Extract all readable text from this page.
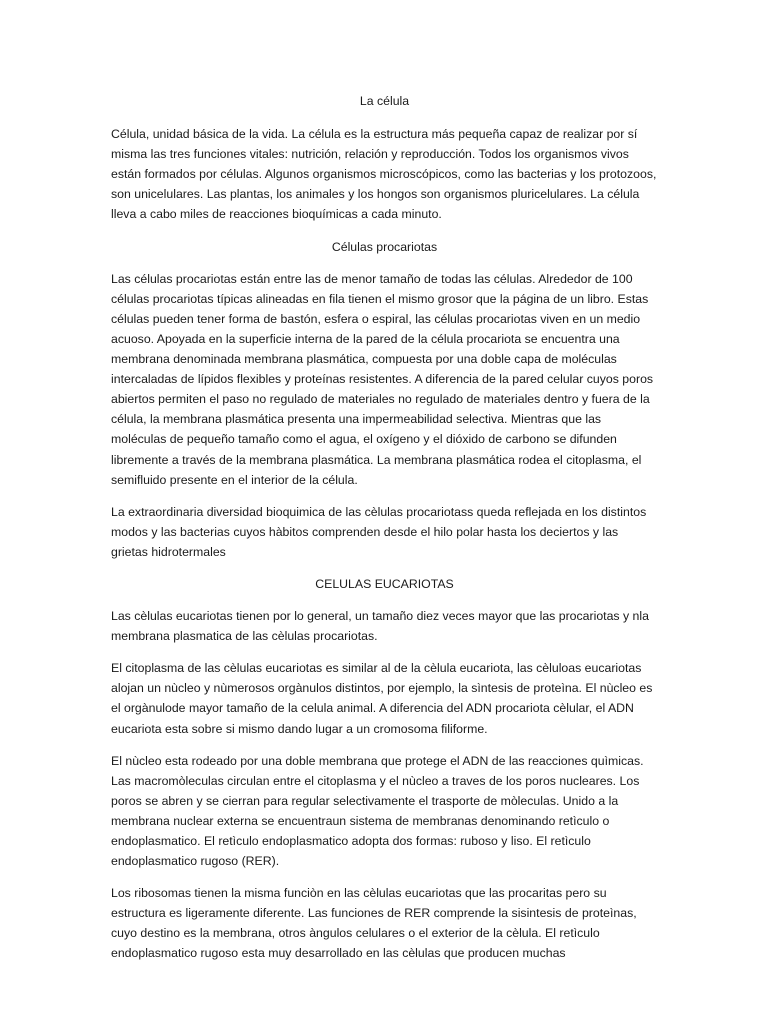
La célula

Célula, unidad básica de la vida. La célula es la estructura más pequeña capaz de realizar por sí misma las tres funciones vitales: nutrición, relación y reproducción. Todos los organismos vivos están formados por células. Algunos organismos microscópicos, como las bacterias y los protozoos, son unicelulares. Las plantas, los animales y los hongos son organismos pluricelulares. La célula lleva a cabo miles de reacciones bioquímicas a cada minuto.

Células procariotas

Las células procariotas están entre las de menor tamaño de todas las células. Alrededor de 100 células procariotas típicas alineadas en fila tienen el mismo grosor que la página de un libro. Estas células pueden tener forma de bastón, esfera o espiral, las células procariotas viven en un medio acuoso. Apoyada en la superficie interna de la pared de la célula procariota se encuentra una membrana denominada membrana plasmática, compuesta por una doble capa de moléculas intercaladas de lípidos flexibles y proteínas resistentes. A diferencia de la pared celular cuyos poros abiertos permiten el paso no regulado de materiales no regulado de materiales dentro y fuera de la célula, la membrana plasmática presenta una impermeabilidad selectiva. Mientras que las moléculas de pequeño tamaño como el agua, el oxígeno y el dióxido de carbono se difunden libremente a través de la membrana plasmática. La membrana plasmática rodea el citoplasma, el semifluido presente en el interior de la célula.

La extraordinaria diversidad bioquimica de las cèlulas procariotass queda reflejada en los distintos modos y las bacterias cuyos hàbitos comprenden desde el hilo polar hasta los deciertos y las grietas hidrotermales

CELULAS EUCARIOTAS

Las cèlulas eucariotas tienen por lo general, un tamaño diez veces mayor que las procariotas y nla membrana plasmatica de las cèlulas procariotas.

El citoplasma de las cèlulas eucariotas es similar al de la cèlula eucariota, las cèluloas eucariotas alojan un nùcleo y nùmerosos orgànulos distintos, por ejemplo, la sìntesis de proteìna. El nùcleo es el orgànulode mayor tamaño de la celula animal. A diferencia del ADN procariota cèlular, el ADN eucariota esta sobre si mismo dando lugar a un cromosoma filiforme.

El nùcleo esta rodeado por una doble membrana que protege el ADN de las reacciones quìmicas. Las macromòleculas circulan entre el citoplasma y el nùcleo a traves de los poros nucleares. Los poros se abren y se cierran para regular selectivamente el trasporte de mòleculas. Unido a la membrana nuclear externa se encuentraun sistema de membranas denominando retìculo o endoplasmatico. El retìculo endoplasmatico adopta dos formas: ruboso y liso. El retìculo endoplasmatico rugoso (RER).

Los ribosomas tienen la misma funciòn en las cèlulas eucariotas que las procaritas pero su estructura es ligeramente diferente. Las funciones de RER comprende la sisintesis de proteìnas, cuyo destino es la membrana, otros àngulos celulares o el exterior de la cèlula. El retìculo endoplasmatico rugoso esta muy desarrollado en las cèlulas que producen muchas
